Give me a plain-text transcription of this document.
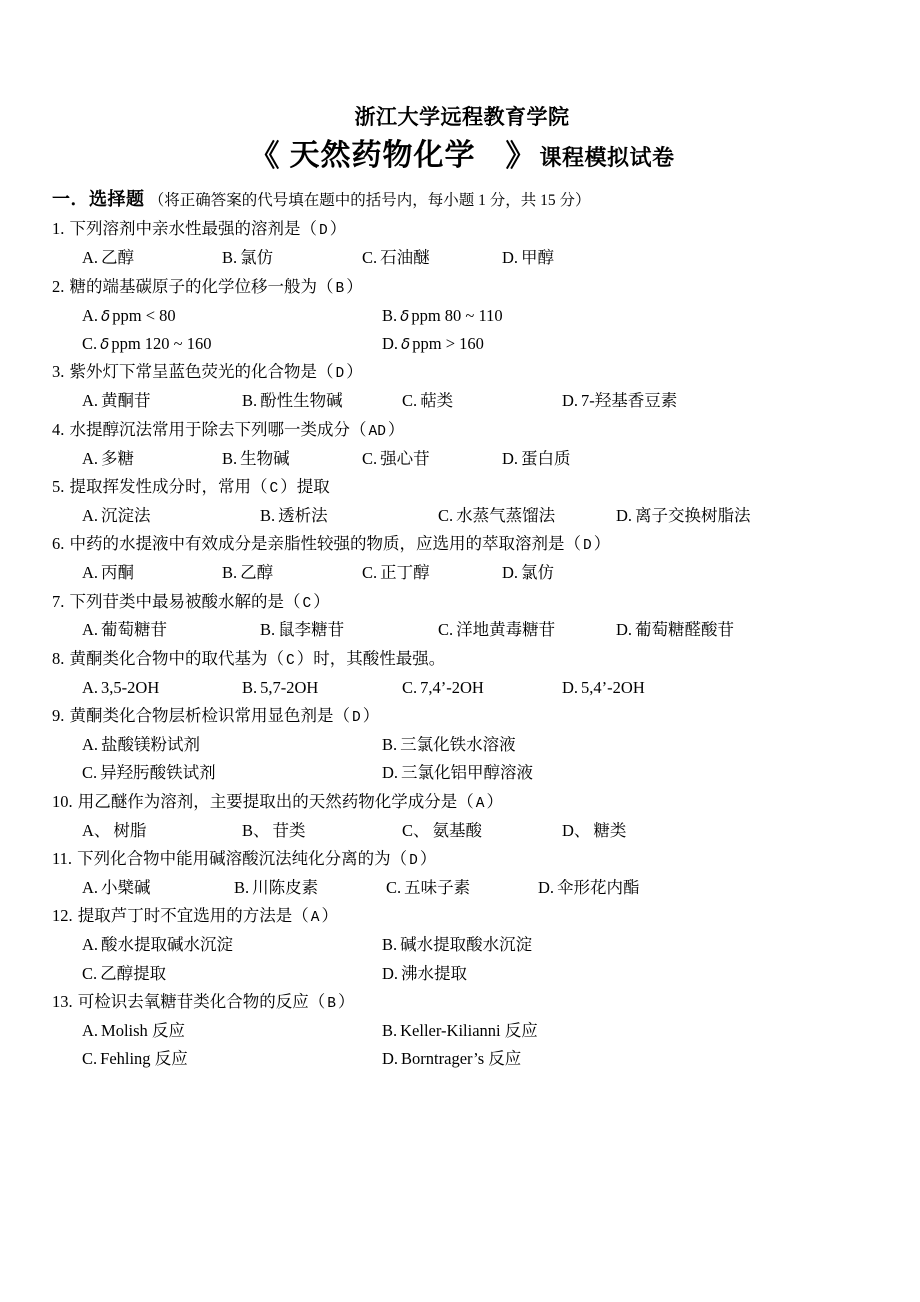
浙江大学远程教育学院
《 天然药物化学 》 课程模拟试卷
一．选择题 （将正确答案的代号填在题中的括号内，每小题 1 分，共 15 分）
1. 下列溶剂中亲水性最强的溶剂是（ D ）
A. 乙醇	B. 氯仿	C. 石油醚	D. 甲醇
2. 糖的端基碳原子的化学位移一般为（ B ）
A. δ ppm < 80	B. δ ppm 80 ~ 110
C. δ ppm 120 ~ 160	D. δ ppm > 160
3. 紫外灯下常呈蓝色荧光的化合物是（ D ）
A. 黄酮苷	B. 酚性生物碱	C. 萜类	D. 7-羟基香豆素
4. 水提醇沉法常用于除去下列哪一类成分（ AD ）
A. 多糖	B. 生物碱	C. 强心苷	D. 蛋白质
5. 提取挥发性成分时，常用（ C ）提取
A. 沉淀法	B. 透析法	C. 水蒸气蒸馏法	D. 离子交换树脂法
6. 中药的水提液中有效成分是亲脂性较强的物质，应选用的萃取溶剂是（ D ）
A. 丙酮	B. 乙醇	C. 正丁醇	D. 氯仿
7. 下列苷类中最易被酸水解的是（ C ）
A. 葡萄糖苷	B. 鼠李糖苷	C. 洋地黄毒糖苷	D. 葡萄糖醛酸苷
8. 黄酮类化合物中的取代基为（ C ）时，其酸性最强。
A. 3,5-2OH	B. 5,7-2OH	C. 7,4’-2OH	D. 5,4’-2OH
9. 黄酮类化合物层析检识常用显色剂是（ D ）
A. 盐酸镁粉试剂	B. 三氯化铁水溶液
C. 异羟肟酸铁试剂	D. 三氯化铝甲醇溶液
10. 用乙醚作为溶剂，主要提取出的天然药物化学成分是（ A ）
A、 树脂	B、 苷类	C、 氨基酸	D、 糖类
11. 下列化合物中能用碱溶酸沉法纯化分离的为（ D ）
A. 小檗碱	B. 川陈皮素	C. 五味子素	D. 伞形花内酯
12. 提取芦丁时不宜选用的方法是（ A ）
A. 酸水提取碱水沉淀	B. 碱水提取酸水沉淀
C. 乙醇提取	D. 沸水提取
13. 可检识去氧糖苷类化合物的反应（ B ）
A. Molish 反应	B. Keller-Kilianni 反应
C. Fehling 反应	D. Borntrager’s 反应
